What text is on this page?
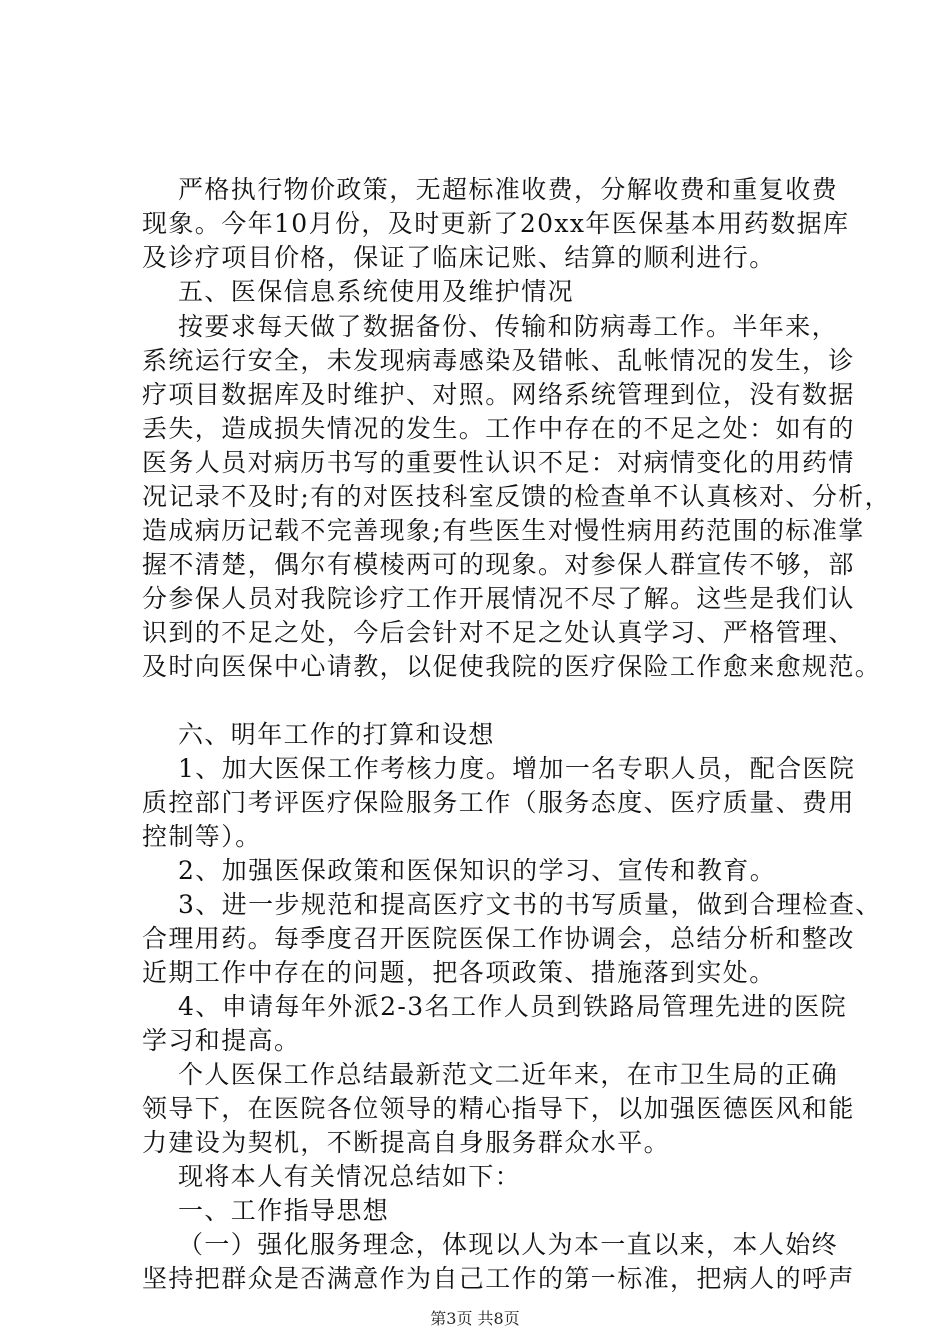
严格执行物价政策，无超标准收费，分解收费和重复收费
现象。今年10月份，及时更新了20xx年医保基本用药数据库
及诊疗项目价格，保证了临床记账、结算的顺利进行。
五、医保信息系统使用及维护情况
按要求每天做了数据备份、传输和防病毒工作。半年来，
系统运行安全，未发现病毒感染及错帐、乱帐情况的发生，诊
疗项目数据库及时维护、对照。网络系统管理到位，没有数据
丢失，造成损失情况的发生。工作中存在的不足之处：如有的
医务人员对病历书写的重要性认识不足：对病情变化的用药情
况记录不及时;有的对医技科室反馈的检查单不认真核对、分析，
造成病历记载不完善现象;有些医生对慢性病用药范围的标准掌
握不清楚，偶尔有模棱两可的现象。对参保人群宣传不够，部
分参保人员对我院诊疗工作开展情况不尽了解。这些是我们认
识到的不足之处，今后会针对不足之处认真学习、严格管理、
及时向医保中心请教，以促使我院的医疗保险工作愈来愈规范。
六、明年工作的打算和设想
1、加大医保工作考核力度。增加一名专职人员，配合医院
质控部门考评医疗保险服务工作（服务态度、医疗质量、费用
控制等）。
2、加强医保政策和医保知识的学习、宣传和教育。
3、进一步规范和提高医疗文书的书写质量，做到合理检查、
合理用药。每季度召开医院医保工作协调会，总结分析和整改
近期工作中存在的问题，把各项政策、措施落到实处。
4、申请每年外派2-3名工作人员到铁路局管理先进的医院
学习和提高。
个人医保工作总结最新范文二近年来，在市卫生局的正确
领导下，在医院各位领导的精心指导下，以加强医德医风和能
力建设为契机，不断提高自身服务群众水平。
现将本人有关情况总结如下：
一、工作指导思想
（一）强化服务理念，体现以人为本一直以来，本人始终
坚持把群众是否满意作为自己工作的第一标准，把病人的呼声
第3页 共8页
